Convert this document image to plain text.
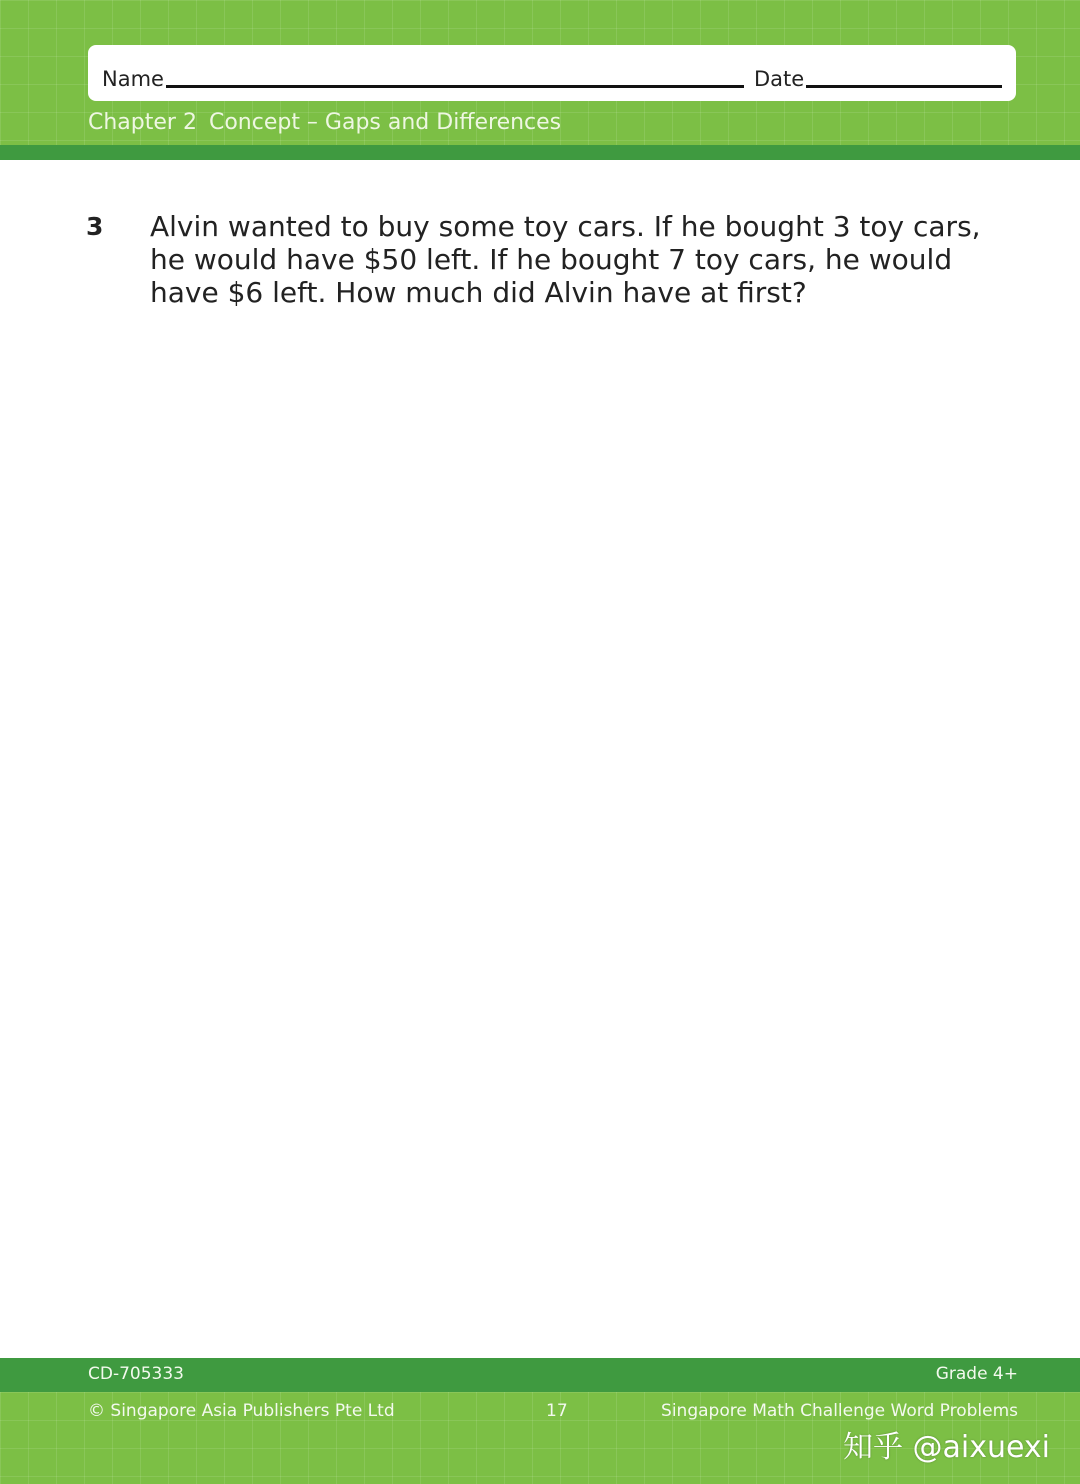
Name	Date
Chapter 2 Concept – Gaps and Differences
3 Alvin wanted to buy some toy cars. If he bought 3 toy cars, he would have $50 left. If he bought 7 toy cars, he would have $6 left. How much did Alvin have at first?
CD-705333	Grade 4+
© Singapore Asia Publishers Pte Ltd	17	Singapore Math Challenge Word Problems
知乎 @aixuexi
